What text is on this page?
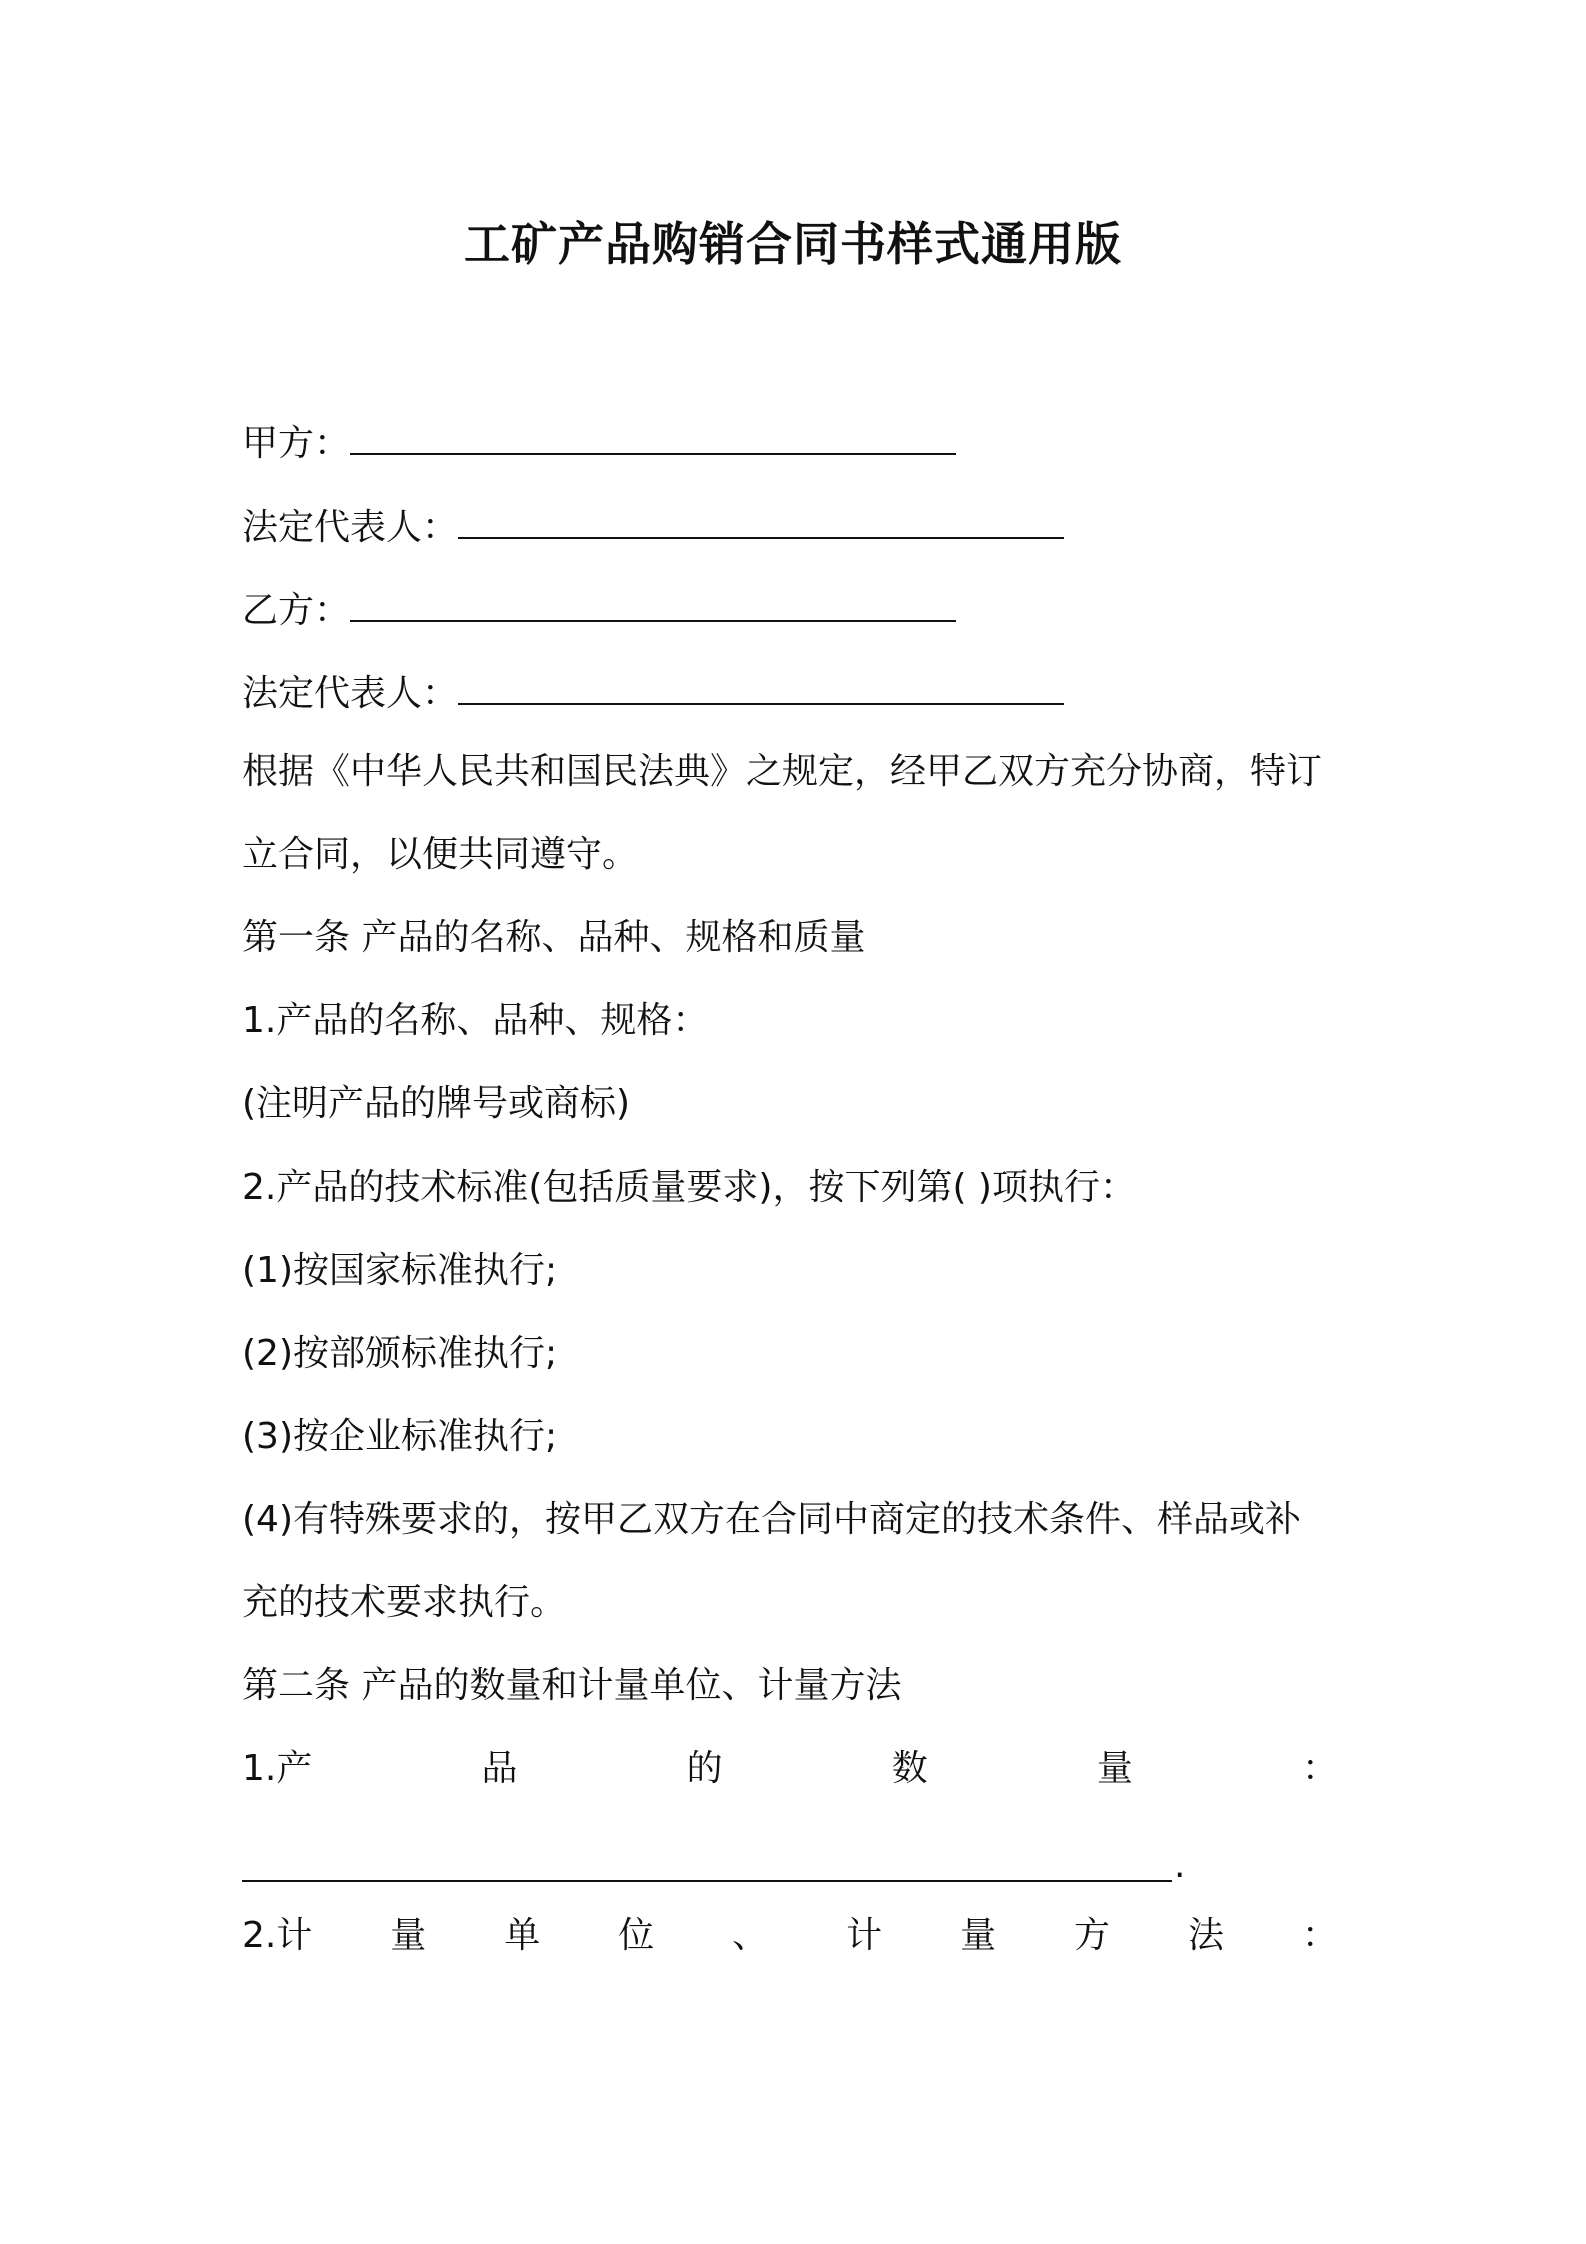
工矿产品购销合同书样式通用版
甲方：
法定代表人：
乙方：
法定代表人：
根据《中华人民共和国民法典》之规定，经甲乙双方充分协商，特订
立合同，以便共同遵守。
第一条 产品的名称、品种、规格和质量
1.产品的名称、品种、规格：
(注明产品的牌号或商标)
2.产品的技术标准(包括质量要求)，按下列第( )项执行：
(1)按国家标准执行;
(2)按部颁标准执行;
(3)按企业标准执行;
(4)有特殊要求的，按甲乙双方在合同中商定的技术条件、样品或补
充的技术要求执行。
第二条 产品的数量和计量单位、计量方法
1.产	品	的	数	量	：
.
2.计 量 单 位 、 计 量 方 法 ：
